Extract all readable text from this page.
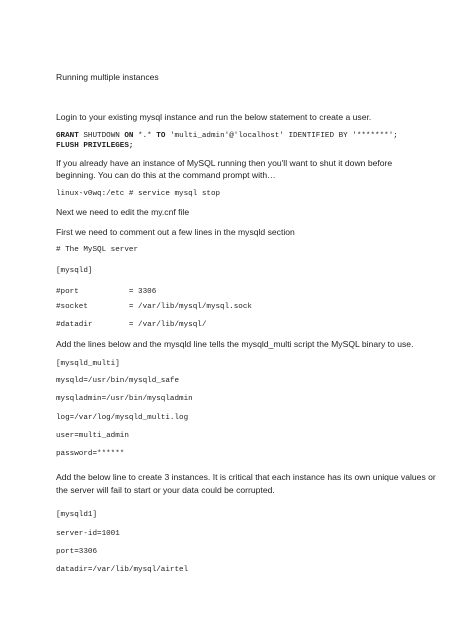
Running multiple instances
Login to your existing mysql instance and run the below statement to create a user.
GRANT SHUTDOWN ON *.* TO 'multi_admin'@'localhost' IDENTIFIED BY '*******';
FLUSH PRIVILEGES;
If you already have an instance of MySQL running then you'll want to shut it down before
beginning. You can do this at the command prompt with…
linux-v0wq:/etc # service mysql stop
Next we need to edit the my.cnf file
First we need to comment out a few lines in the mysqld section
# The MySQL server
[mysqld]
#port           = 3306
#socket         = /var/lib/mysql/mysql.sock
#datadir        = /var/lib/mysql/
Add the lines below and the mysqld line tells the mysqld_multi script the MySQL binary to use.
[mysqld_multi]
mysqld=/usr/bin/mysqld_safe
mysqladmin=/usr/bin/mysqladmin
log=/var/log/mysqld_multi.log
user=multi_admin
password=******
Add the below line to create 3 instances. It is critical that each instance has its own unique values or
the server will fail to start or your data could be corrupted.
[mysqld1]
server-id=1001
port=3306
datadir=/var/lib/mysql/airtel
